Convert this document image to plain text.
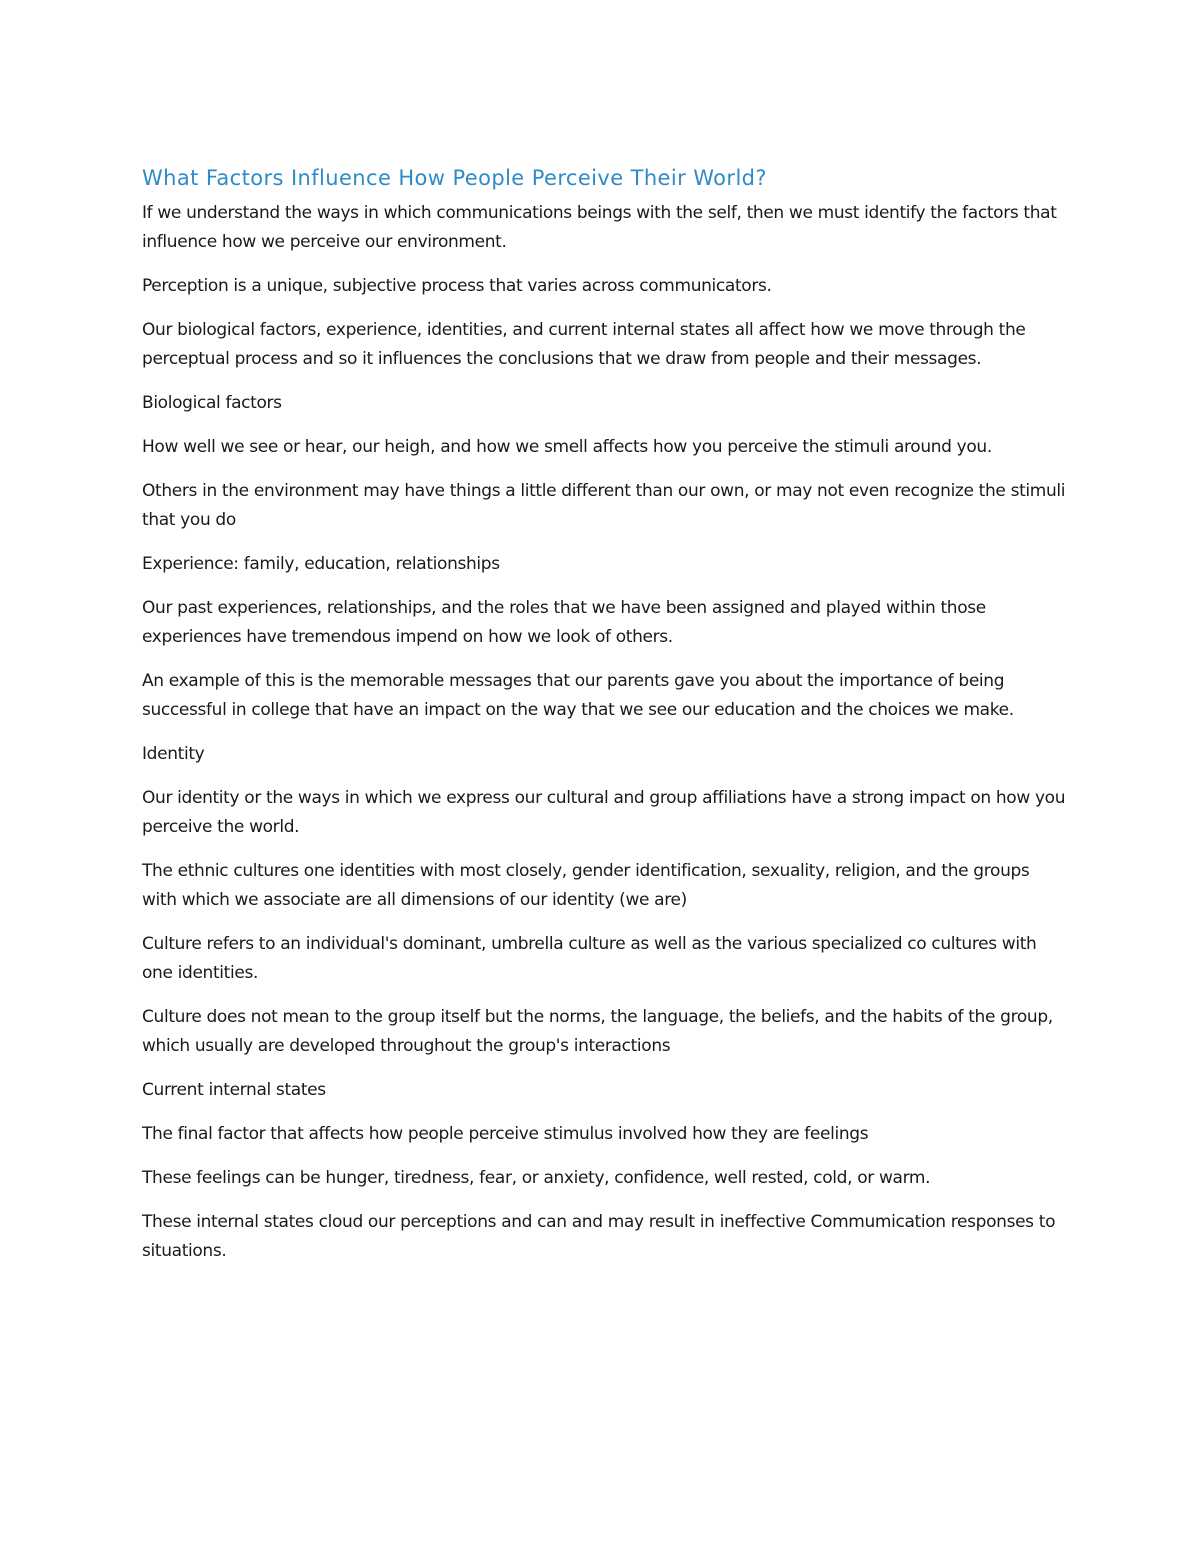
What Factors Influence How People Perceive Their World?

If we understand the ways in which communications beings with the self, then we must identify the factors that influence how we perceive our environment.

Perception is a unique, subjective process that varies across communicators.

Our biological factors, experience, identities, and current internal states all affect how we move through the perceptual process and so it influences the conclusions that we draw from people and their messages.

Biological factors

How well we see or hear, our heigh, and how we smell affects how you perceive the stimuli around you.

Others in the environment may have things a little different than our own, or may not even recognize the stimuli that you do

Experience: family, education, relationships

Our past experiences, relationships, and the roles that we have been assigned and played within those experiences have tremendous impend on how we look of others.

An example of this is the memorable messages that our parents gave you about the importance of being successful in college that have an impact on the way that we see our education and the choices we make.

Identity

Our identity or the ways in which we express our cultural and group affiliations have a strong impact on how you perceive the world.

The ethnic cultures one identities with most closely, gender identification, sexuality, religion, and the groups with which we associate are all dimensions of our identity (we are)

Culture refers to an individual's dominant, umbrella culture as well as the various specialized co cultures with one identities.

Culture does not mean to the group itself but the norms, the language, the beliefs, and the habits of the group, which usually are developed throughout the group's interactions

Current internal states

The final factor that affects how people perceive stimulus involved how they are feelings

These feelings can be hunger, tiredness, fear, or anxiety, confidence, well rested, cold, or warm.

These internal states cloud our perceptions and can and may result in ineffective Commumication responses to situations.
